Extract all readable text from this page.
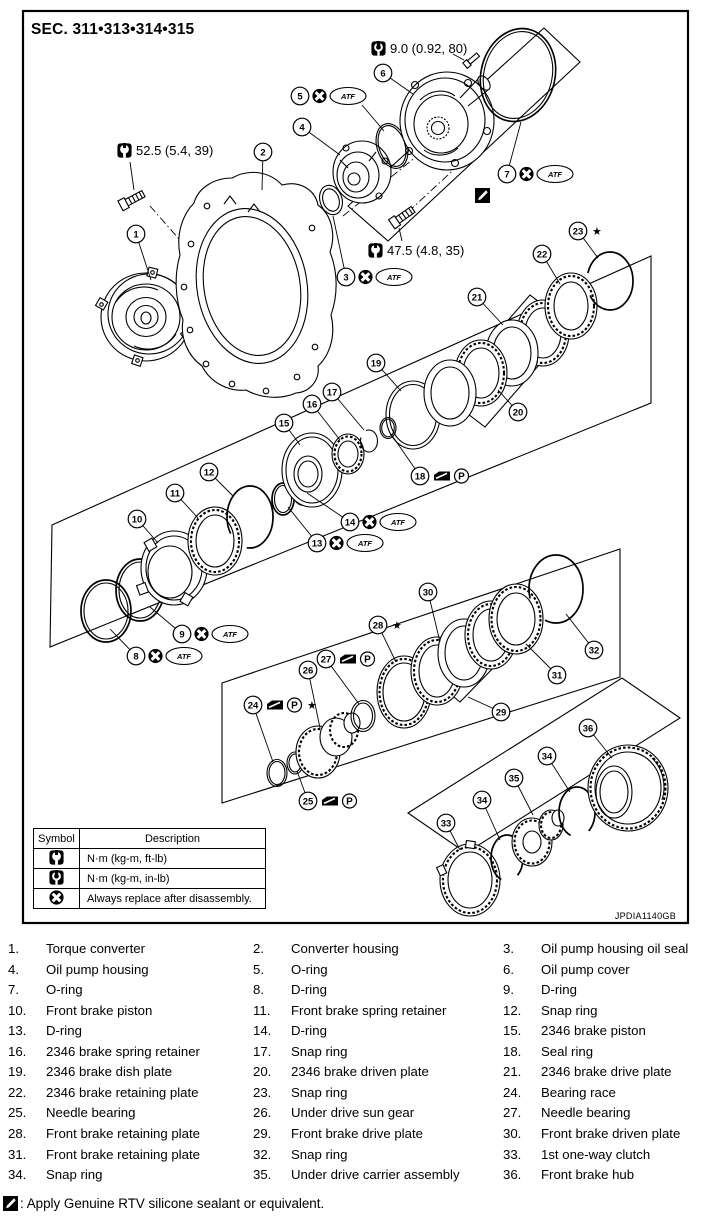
SEC. 311•313•314•315
52.5 (5.4, 39)
9.0 (0.92, 80)
47.5 (4.8, 35)
1
2
3	ATF
4
5	ATF
6
7	ATF
8	ATF
9	ATF
10
11
12
13	ATF
14	ATF
15
16
17
18	P
19
20
21
22
23 ★
24	P ★
25	P
26
27	P
28 ★
29
30
31
32
33
34
34
35
36
JPDIA1140GB
Symbol	Description
	N·m (kg-m, ft-lb)
	N·m (kg-m, in-lb)
	Always replace after disassembly.
1. Torque converter	2. Converter housing	3. Oil pump housing oil seal
4. Oil pump housing	5. O-ring	6. Oil pump cover
7. O-ring	8. D-ring	9. D-ring
10. Front brake piston	11. Front brake spring retainer	12. Snap ring
13. D-ring	14. D-ring	15. 2346 brake piston
16. 2346 brake spring retainer	17. Snap ring	18. Seal ring
19. 2346 brake dish plate	20. 2346 brake driven plate	21. 2346 brake drive plate
22. 2346 brake retaining plate	23. Snap ring	24. Bearing race
25. Needle bearing	26. Under drive sun gear	27. Needle bearing
28. Front brake retaining plate	29. Front brake drive plate	30. Front brake driven plate
31. Front brake retaining plate	32. Snap ring	33. 1st one-way clutch
34. Snap ring	35. Under drive carrier assembly	36. Front brake hub
: Apply Genuine RTV silicone sealant or equivalent.
